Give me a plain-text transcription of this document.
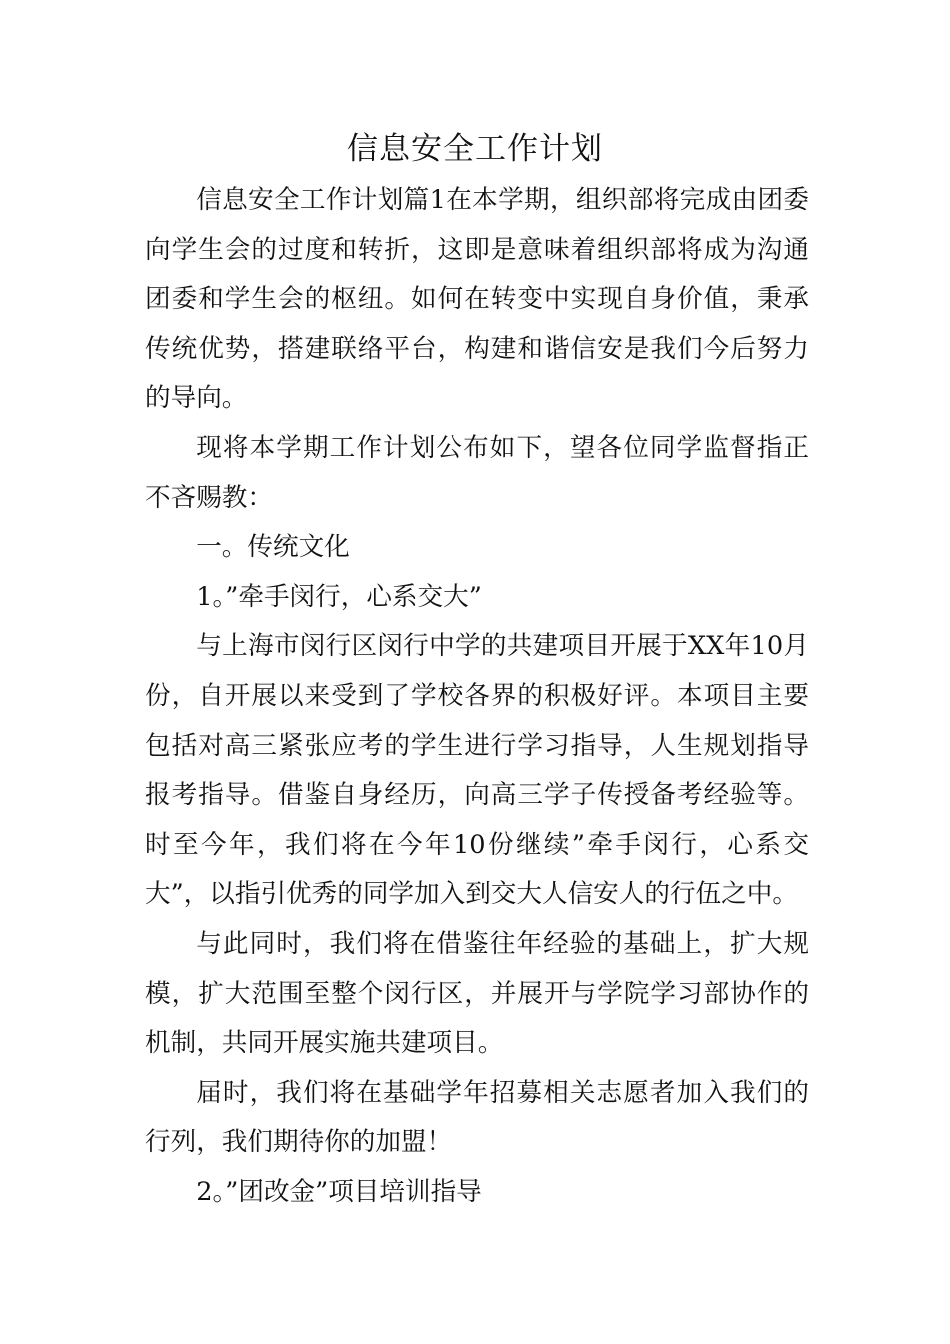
信息安全工作计划

信息安全工作计划篇1在本学期，组织部将完成由团委向学生会的过度和转折，这即是意味着组织部将成为沟通团委和学生会的枢纽。如何在转变中实现自身价值，秉承传统优势，搭建联络平台，构建和谐信安是我们今后努力的导向。

现将本学期工作计划公布如下，望各位同学监督指正不吝赐教：

一。传统文化

1。”牵手闵行，心系交大”

与上海市闵行区闵行中学的共建项目开展于XX年10月份，自开展以来受到了学校各界的积极好评。本项目主要包括对高三紧张应考的学生进行学习指导，人生规划指导报考指导。借鉴自身经历，向高三学子传授备考经验等。时至今年，我们将在今年10份继续”牵手闵行，心系交大”，以指引优秀的同学加入到交大人信安人的行伍之中。

与此同时，我们将在借鉴往年经验的基础上，扩大规模，扩大范围至整个闵行区，并展开与学院学习部协作的机制，共同开展实施共建项目。

届时，我们将在基础学年招募相关志愿者加入我们的行列，我们期待你的加盟！

2。”团改金”项目培训指导
